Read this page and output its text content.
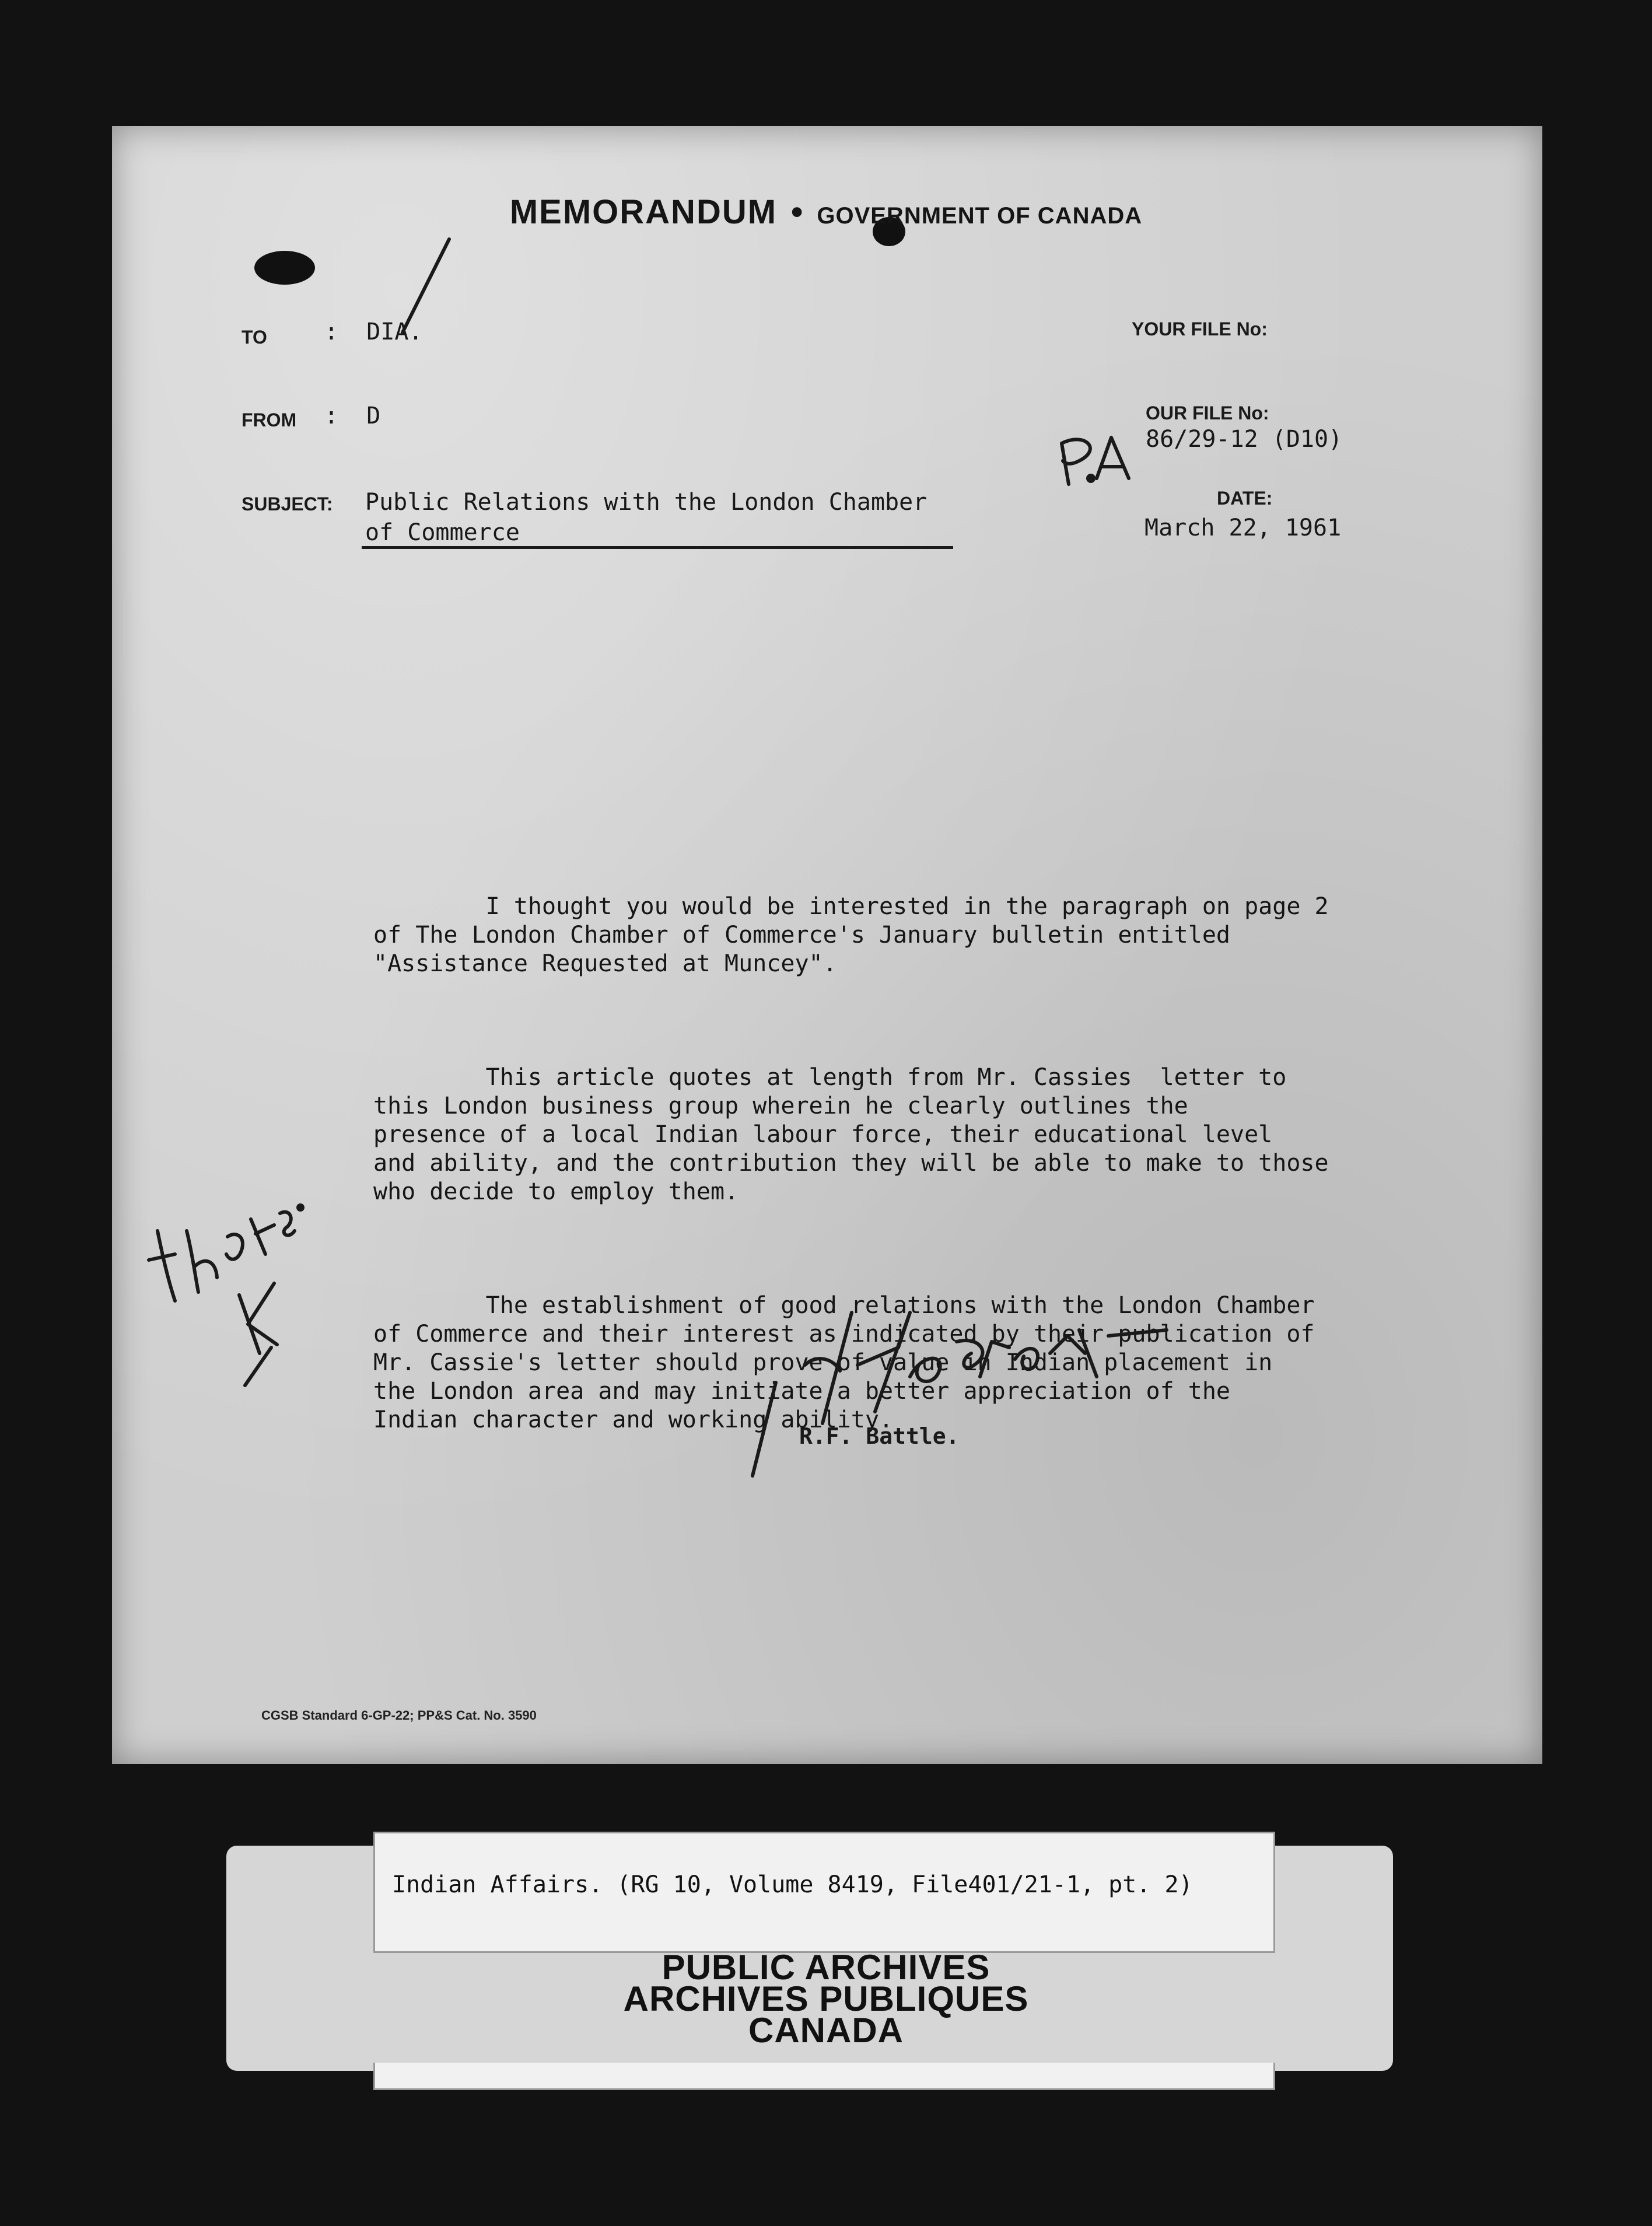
MEMORANDUM • GOVERNMENT OF CANADA
TO :  DIA.
FROM :  D
SUBJECT: Public Relations with the London Chamber
of Commerce
YOUR FILE No:
OUR FILE No:
86/29-12 (D10)
DATE:
March 22, 1961

I thought you would be interested in the paragraph on page 2
of The London Chamber of Commerce's January bulletin entitled
"Assistance Requested at Muncey".

This article quotes at length from Mr. Cassies  letter to
this London business group wherein he clearly outlines the
presence of a local Indian labour force, their educational level
and ability, and the contribution they will be able to make to those
who decide to employ them.

The establishment of good relations with the London Chamber
of Commerce and their interest as indicated by their publication of
Mr. Cassie's letter should prove of value in Indian placement in
the London area and may initiate a better appreciation of the
Indian character and working ability.

R.F. Battle.
CGSB Standard 6-GP-22; PP&S Cat. No. 3590
Indian Affairs. (RG 10, Volume 8419, File401/21-1, pt. 2)
PUBLIC ARCHIVES
ARCHIVES PUBLIQUES
CANADA
